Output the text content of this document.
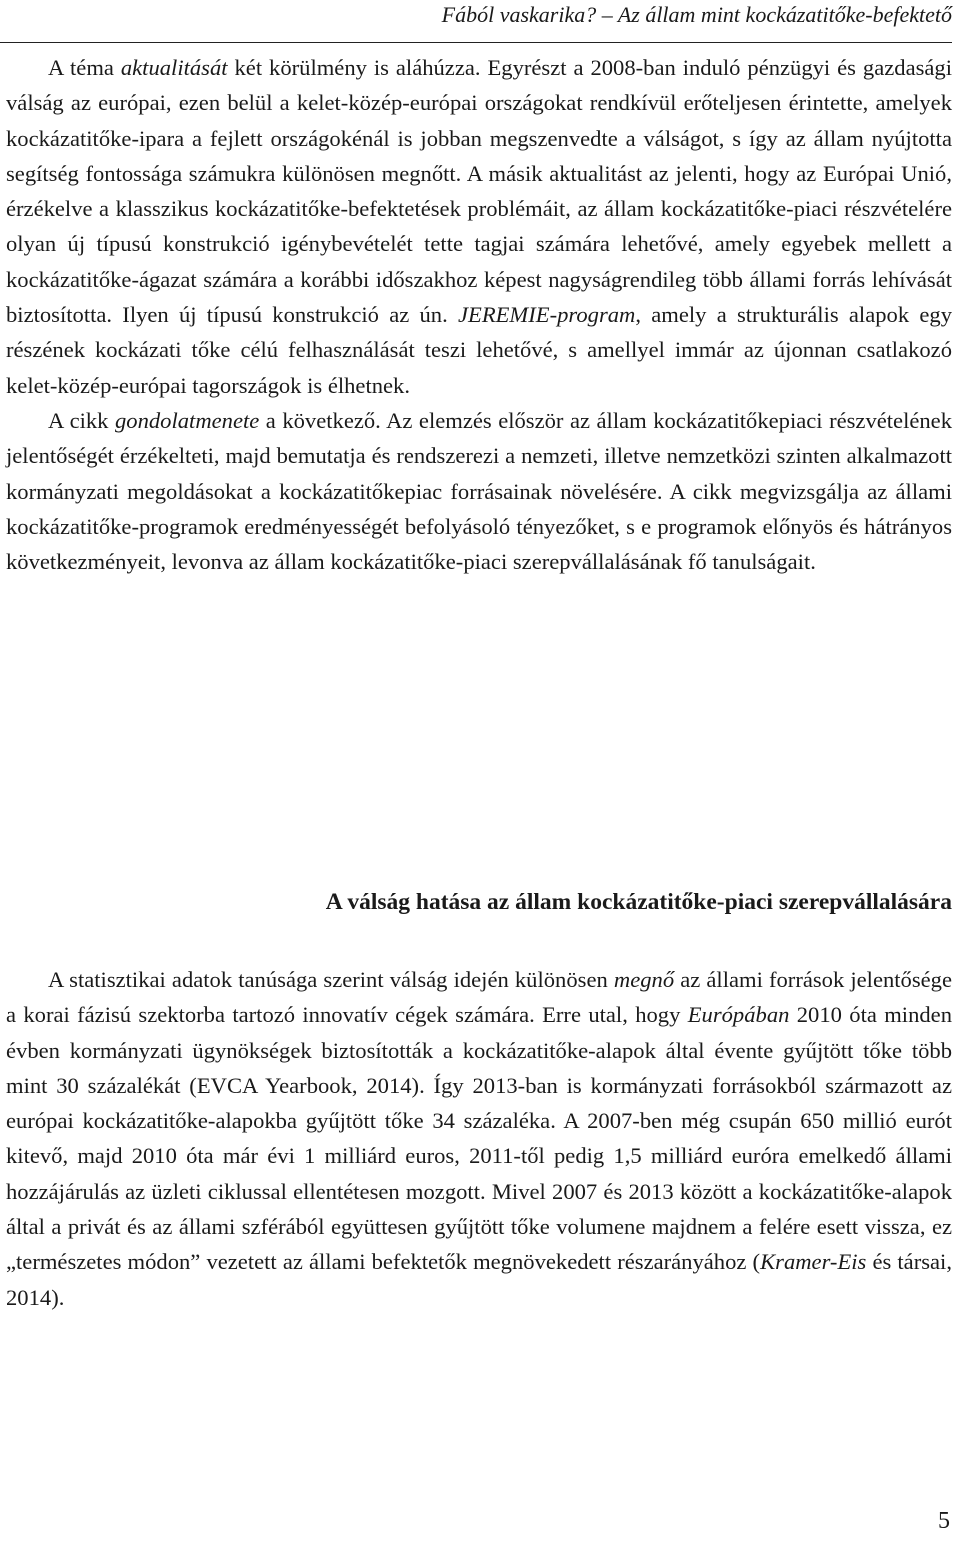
Fából vaskarika? – Az állam mint kockázatitőke-befektető

A téma aktualitását két körülmény is aláhúzza. Egyrészt a 2008-ban induló pénzügyi és gazdasági válság az európai, ezen belül a kelet-közép-európai országokat rendkívül erőteljesen érintette, amelyek kockázatitőke-ipara a fejlett országokénál is jobban megszenvedte a válságot, s így az állam nyújtotta segítség fontossága számukra különösen megnőtt. A másik aktualitást az jelenti, hogy az Európai Unió, érzékelve a klasszikus kockázatitőke-befektetések problémáit, az állam kockázatitőke-piaci részvételére olyan új típusú konstrukció igénybevételét tette tagjai számára lehetővé, amely egyebek mellett a kockázatitőke-ágazat számára a korábbi időszakhoz képest nagyságrendileg több állami forrás lehívását biztosította. Ilyen új típusú konstrukció az ún. JEREMIE-program, amely a strukturális alapok egy részének kockázati tőke célú felhasználását teszi lehetővé, s amellyel immár az újonnan csatlakozó kelet-közép-európai tagországok is élhetnek.

A cikk gondolatmenete a következő. Az elemzés először az állam kockázatitőkepiaci részvételének jelentőségét érzékelteti, majd bemutatja és rendszerezi a nemzeti, illetve nemzetközi szinten alkalmazott kormányzati megoldásokat a kockázatitőkepiac forrásainak növelésére. A cikk megvizsgálja az állami kockázatitőke-programok eredményességét befolyásoló tényezőket, s e programok előnyös és hátrányos következményeit, levonva az állam kockázatitőke-piaci szerepvállalásának fő tanulságait.

A válság hatása az állam kockázatitőke-piaci szerepvállalására

A statisztikai adatok tanúsága szerint válság idején különösen megnő az állami források jelentősége a korai fázisú szektorba tartozó innovatív cégek számára. Erre utal, hogy Európában 2010 óta minden évben kormányzati ügynökségek biztosították a kockázatitőke-alapok által évente gyűjtött tőke több mint 30 százalékát (EVCA Yearbook, 2014). Így 2013-ban is kormányzati forrásokból származott az európai kockázatitőke-alapokba gyűjtött tőke 34 százaléka. A 2007-ben még csupán 650 millió eurót kitevő, majd 2010 óta már évi 1 milliárd euros, 2011-től pedig 1,5 milliárd euróra emelkedő állami hozzájárulás az üzleti ciklussal ellentétesen mozgott. Mivel 2007 és 2013 között a kockázatitőke-alapok által a privát és az állami szférából együttesen gyűjtött tőke volumene majdnem a felére esett vissza, ez „természetes módon” vezetett az állami befektetők megnövekedett részarányához (Kramer-Eis és társai, 2014).

5
